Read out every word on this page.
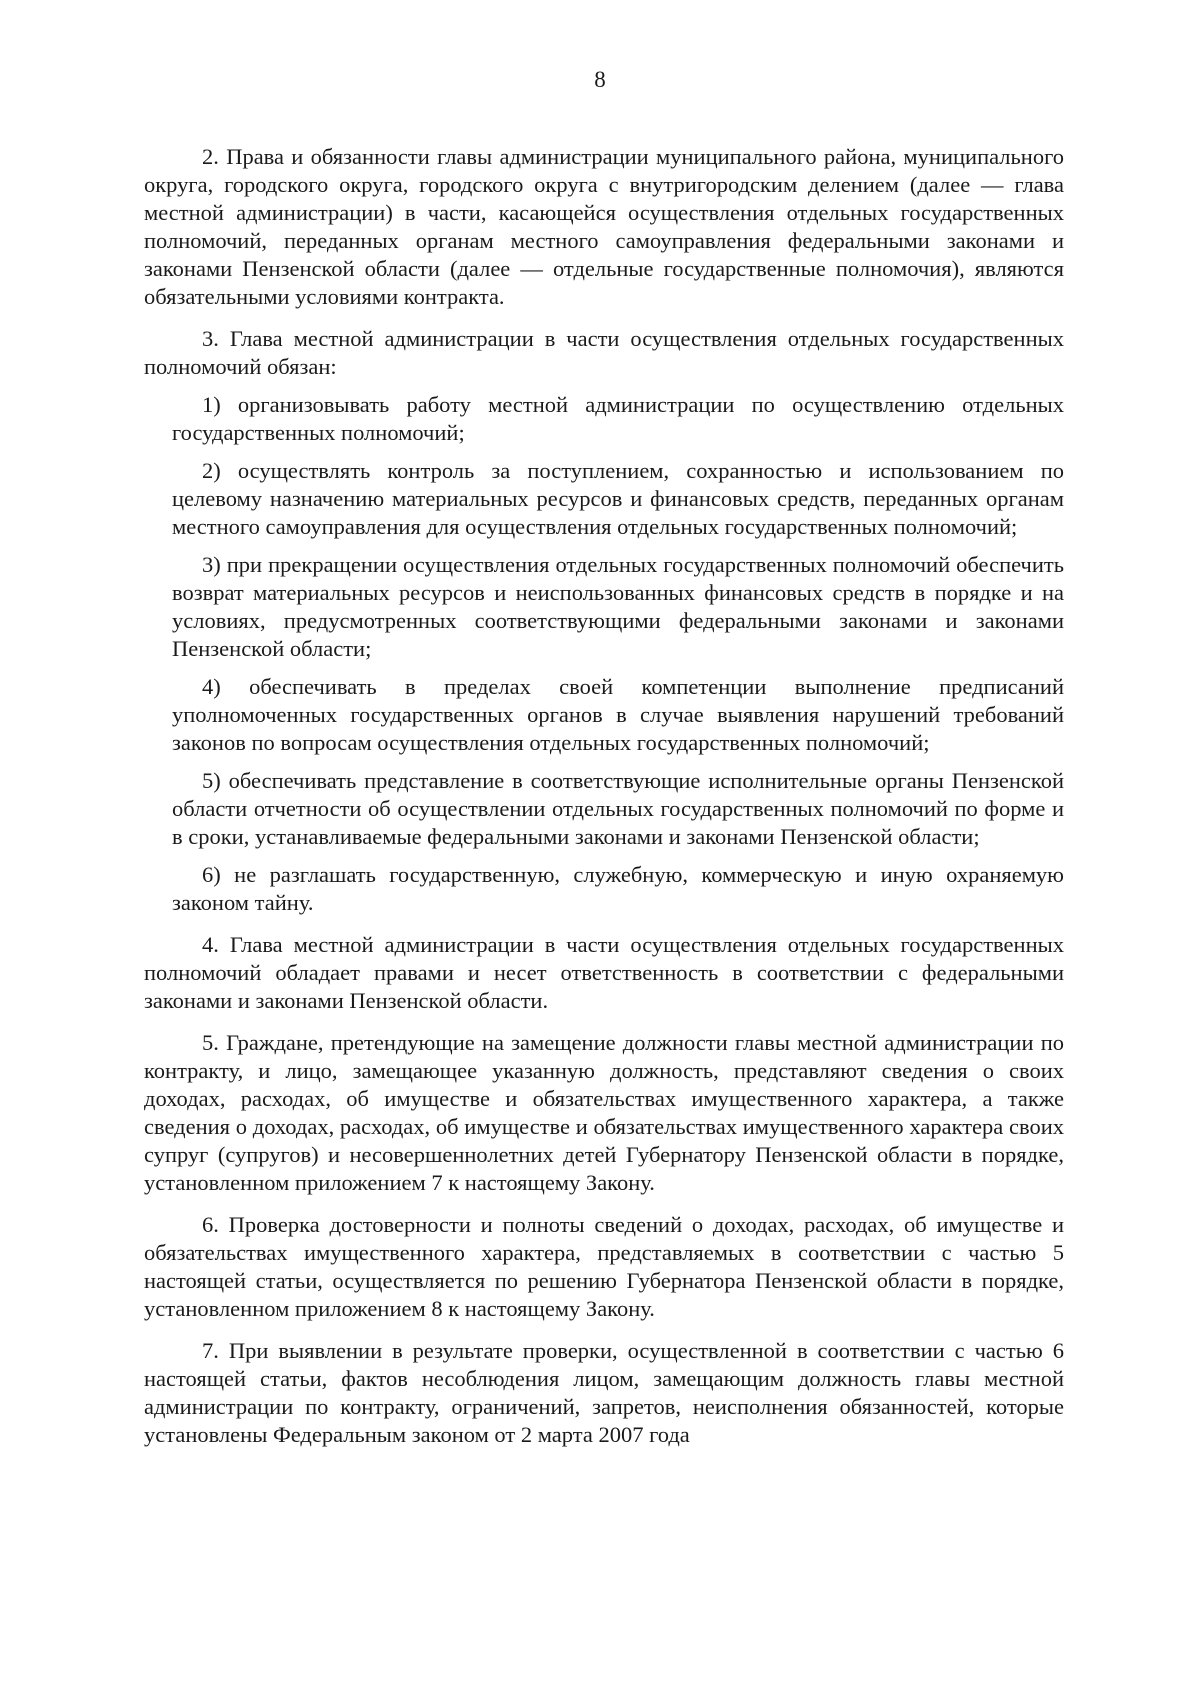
8

2. Права и обязанности главы администрации муниципального района, муниципального округа, городского округа, городского округа с внутригородским делением (далее — глава местной администрации) в части, касающейся осуществления отдельных государственных полномочий, переданных органам местного самоуправления федеральными законами и законами Пензенской области (далее — отдельные государственные полномочия), являются обязательными условиями контракта.

3. Глава местной администрации в части осуществления отдельных государственных полномочий обязан:

1) организовывать работу местной администрации по осуществлению отдельных государственных полномочий;

2) осуществлять контроль за поступлением, сохранностью и использованием по целевому назначению материальных ресурсов и финансовых средств, переданных органам местного самоуправления для осуществления отдельных государственных полномочий;

3) при прекращении осуществления отдельных государственных полномочий обеспечить возврат материальных ресурсов и неиспользованных финансовых средств в порядке и на условиях, предусмотренных соответствующими федеральными законами и законами Пензенской области;

4) обеспечивать в пределах своей компетенции выполнение предписаний уполномоченных государственных органов в случае выявления нарушений требований законов по вопросам осуществления отдельных государственных полномочий;

5) обеспечивать представление в соответствующие исполнительные органы Пензенской области отчетности об осуществлении отдельных государственных полномочий по форме и в сроки, устанавливаемые федеральными законами и законами Пензенской области;

6) не разглашать государственную, служебную, коммерческую и иную охраняемую законом тайну.

4. Глава местной администрации в части осуществления отдельных государственных полномочий обладает правами и несет ответственность в соответствии с федеральными законами и законами Пензенской области.

5. Граждане, претендующие на замещение должности главы местной администрации по контракту, и лицо, замещающее указанную должность, представляют сведения о своих доходах, расходах, об имуществе и обязательствах имущественного характера, а также сведения о доходах, расходах, об имуществе и обязательствах имущественного характера своих супруг (супругов) и несовершеннолетних детей Губернатору Пензенской области в порядке, установленном приложением 7 к настоящему Закону.

6. Проверка достоверности и полноты сведений о доходах, расходах, об имуществе и обязательствах имущественного характера, представляемых в соответствии с частью 5 настоящей статьи, осуществляется по решению Губернатора Пензенской области в порядке, установленном приложением 8 к настоящему Закону.

7. При выявлении в результате проверки, осуществленной в соответствии с частью 6 настоящей статьи, фактов несоблюдения лицом, замещающим должность главы местной администрации по контракту, ограничений, запретов, неисполнения обязанностей, которые установлены Федеральным законом от 2 марта 2007 года
